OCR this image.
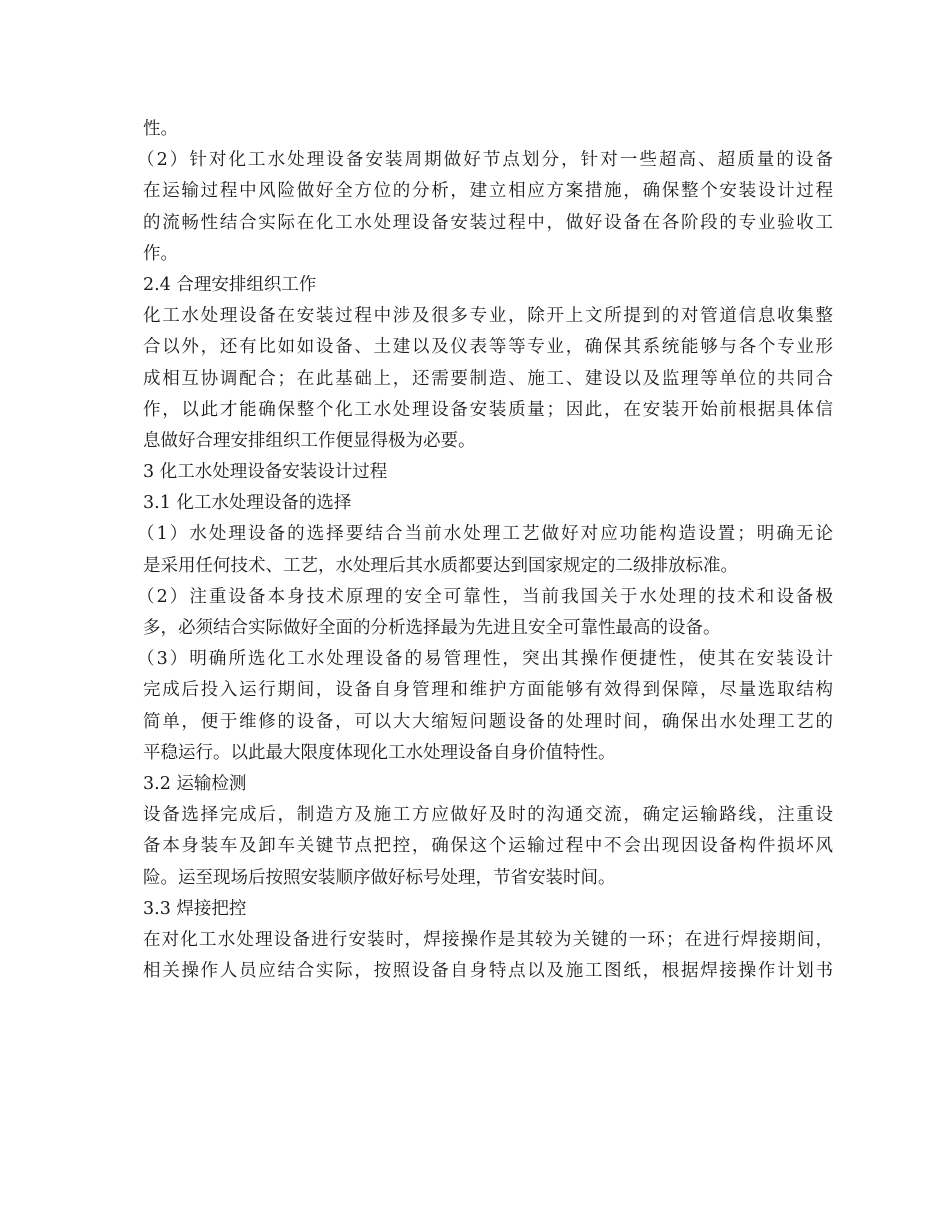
性。
（2）针对化工水处理设备安装周期做好节点划分，针对一些超高、超质量的设备
在运输过程中风险做好全方位的分析，建立相应方案措施，确保整个安装设计过程
的流畅性结合实际在化工水处理设备安装过程中，做好设备在各阶段的专业验收工
作。
2.4 合理安排组织工作
化工水处理设备在安装过程中涉及很多专业，除开上文所提到的对管道信息收集整
合以外，还有比如如设备、土建以及仪表等等专业，确保其系统能够与各个专业形
成相互协调配合；在此基础上，还需要制造、施工、建设以及监理等单位的共同合
作，以此才能确保整个化工水处理设备安装质量；因此，在安装开始前根据具体信
息做好合理安排组织工作便显得极为必要。
3 化工水处理设备安装设计过程
3.1 化工水处理设备的选择
（1）水处理设备的选择要结合当前水处理工艺做好对应功能构造设置；明确无论
是采用任何技术、工艺，水处理后其水质都要达到国家规定的二级排放标准。
（2）注重设备本身技术原理的安全可靠性，当前我国关于水处理的技术和设备极
多，必须结合实际做好全面的分析选择最为先进且安全可靠性最高的设备。
（3）明确所选化工水处理设备的易管理性，突出其操作便捷性，使其在安装设计
完成后投入运行期间，设备自身管理和维护方面能够有效得到保障，尽量选取结构
简单，便于维修的设备，可以大大缩短问题设备的处理时间，确保出水处理工艺的
平稳运行。以此最大限度体现化工水处理设备自身价值特性。
3.2 运输检测
设备选择完成后，制造方及施工方应做好及时的沟通交流，确定运输路线，注重设
备本身装车及卸车关键节点把控，确保这个运输过程中不会出现因设备构件损坏风
险。运至现场后按照安装顺序做好标号处理，节省安装时间。
3.3 焊接把控
在对化工水处理设备进行安装时，焊接操作是其较为关键的一环；在进行焊接期间，
相关操作人员应结合实际，按照设备自身特点以及施工图纸，根据焊接操作计划书
